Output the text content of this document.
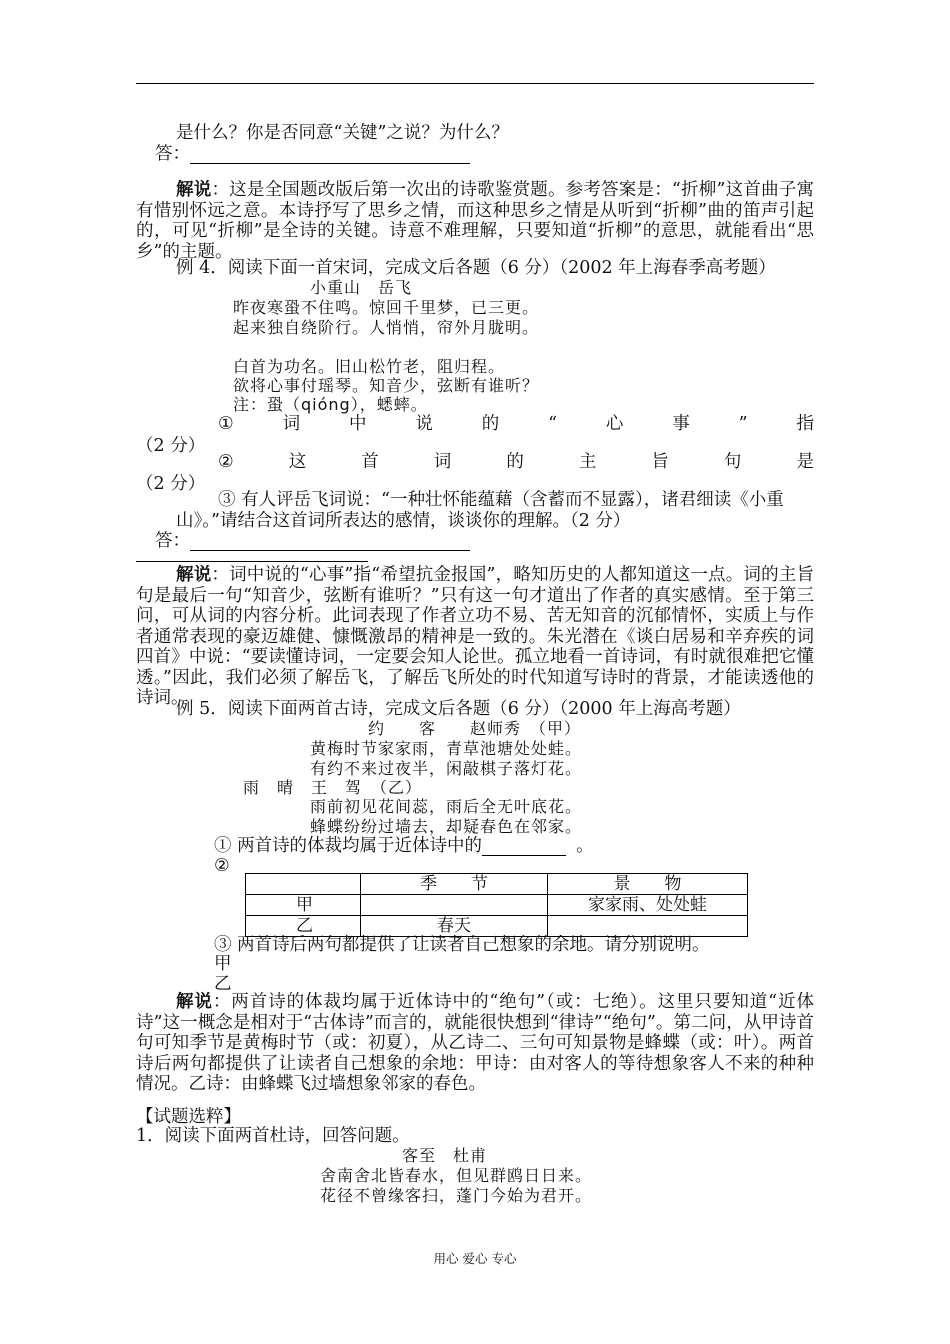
是什么？你是否同意“关键”之说？为什么？
答：
解说：这是全国题改版后第一次出的诗歌鉴赏题。参考答案是：“折柳”这首曲子寓有惜别怀远之意。本诗抒写了思乡之情，而这种思乡之情是从听到“折柳”曲的笛声引起的，可见“折柳”是全诗的关键。诗意不难理解，只要知道“折柳”的意思，就能看出“思乡”的主题。
例 4．阅读下面一首宋词，完成文后各题（6 分）（2002 年上海春季高考题）
小重山　岳飞
昨夜寒蛩不住鸣。惊回千里梦，已三更。
起来独自绕阶行。人悄悄，帘外月胧明。
白首为功名。旧山松竹老，阻归程。
欲将心事付瑶琴。知音少，弦断有谁听？
注：蛩（qióng），蟋蟀。
①	词	中	说	的	“	心	事	”	指
（2 分）
②	这	首	词	的	主	旨	句	是
（2 分）
③ 有人评岳飞词说：“一种壮怀能蕴藉（含蓄而不显露），诸君细读《小重
山》。”请结合这首词所表达的感情，谈谈你的理解。（2 分）
答：
解说：词中说的“心事”指“希望抗金报国”，略知历史的人都知道这一点。词的主旨句是最后一句“知音少，弦断有谁听？”只有这一句才道出了作者的真实感情。至于第三问，可从词的内容分析。此词表现了作者立功不易、苦无知音的沉郁情怀，实质上与作者通常表现的豪迈雄健、慷慨激昂的精神是一致的。朱光潜在《谈白居易和辛弃疾的词四首》中说：“要读懂诗词，一定要会知人论世。孤立地看一首诗词，有时就很难把它懂透。”因此，我们必须了解岳飞，了解岳飞所处的时代知道写诗时的背景，才能读透他的诗词。
例 5．阅读下面两首古诗，完成文后各题（6 分）（2000 年上海高考题）
约　　客　　赵师秀　（甲）
黄梅时节家家雨，青草池塘处处蛙。
有约不来过夜半，闲敲棋子落灯花。
雨　晴　王　驾　（乙）
雨前初见花间蕊，雨后全无叶底花。
蜂蝶纷纷过墙去，却疑春色在邻家。
① 两首诗的体裁均属于近体诗中的	。
②
	季　　节	景　　物
甲		家家雨、处处蛙
乙	春天	
③ 两首诗后两句都提供了让读者自己想象的余地。请分别说明。
甲
乙
解说：两首诗的体裁均属于近体诗中的“绝句”（或：七绝）。这里只要知道“近体诗”这一概念是相对于“古体诗”而言的，就能很快想到“律诗”“绝句”。第二问，从甲诗首句可知季节是黄梅时节（或：初夏），从乙诗二、三句可知景物是蜂蝶（或：叶）。两首诗后两句都提供了让读者自己想象的余地：甲诗：由对客人的等待想象客人不来的种种情况。乙诗：由蜂蝶飞过墙想象邻家的春色。
【试题选粹】
1．阅读下面两首杜诗，回答问题。
客至　杜甫
舍南舍北皆春水，但见群鸥日日来。
花径不曾缘客扫，蓬门今始为君开。
用心 爱心 专心
